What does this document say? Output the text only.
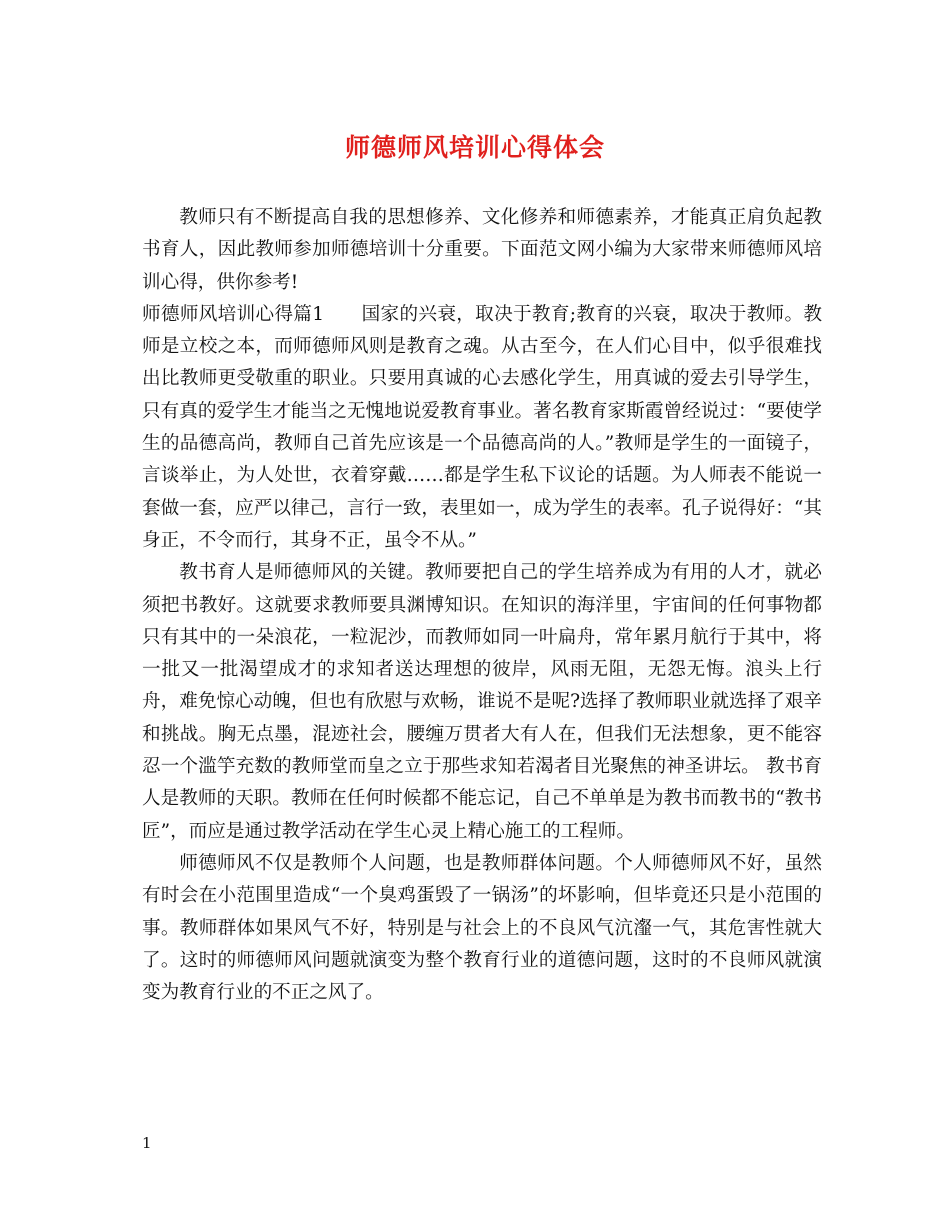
师德师风培训心得体会

教师只有不断提高自我的思想修养、文化修养和师德素养，才能真正肩负起教书育人，因此教师参加师德培训十分重要。下面范文网小编为大家带来师德师风培训心得，供你参考!

师德师风培训心得篇1   国家的兴衰，取决于教育;教育的兴衰，取决于教师。教师是立校之本，而师德师风则是教育之魂。从古至今，在人们心目中，似乎很难找出比教师更受敬重的职业。只要用真诚的心去感化学生，用真诚的爱去引导学生，只有真的爱学生才能当之无愧地说爱教育事业。著名教育家斯霞曾经说过：“要使学生的品德高尚，教师自己首先应该是一个品德高尚的人。”教师是学生的一面镜子，言谈举止，为人处世，衣着穿戴……都是学生私下议论的话题。为人师表不能说一套做一套，应严以律己，言行一致，表里如一，成为学生的表率。孔子说得好：“其身正，不令而行，其身不正，虽令不从。”

教书育人是师德师风的关键。教师要把自己的学生培养成为有用的人才，就必须把书教好。这就要求教师要具渊博知识。在知识的海洋里，宇宙间的任何事物都只有其中的一朵浪花，一粒泥沙，而教师如同一叶扁舟，常年累月航行于其中，将一批又一批渴望成才的求知者送达理想的彼岸，风雨无阻，无怨无悔。浪头上行舟，难免惊心动魄，但也有欣慰与欢畅，谁说不是呢?选择了教师职业就选择了艰辛和挑战。胸无点墨，混迹社会，腰缠万贯者大有人在，但我们无法想象，更不能容忍一个滥竽充数的教师堂而皇之立于那些求知若渴者目光聚焦的神圣讲坛。 教书育人是教师的天职。教师在任何时候都不能忘记，自己不单单是为教书而教书的“教书匠”，而应是通过教学活动在学生心灵上精心施工的工程师。

师德师风不仅是教师个人问题，也是教师群体问题。个人师德师风不好，虽然有时会在小范围里造成“一个臭鸡蛋毁了一锅汤”的坏影响，但毕竟还只是小范围的事。教师群体如果风气不好，特别是与社会上的不良风气沆瀣一气，其危害性就大了。这时的师德师风问题就演变为整个教育行业的道德问题，这时的不良师风就演变为教育行业的不正之风了。

1
